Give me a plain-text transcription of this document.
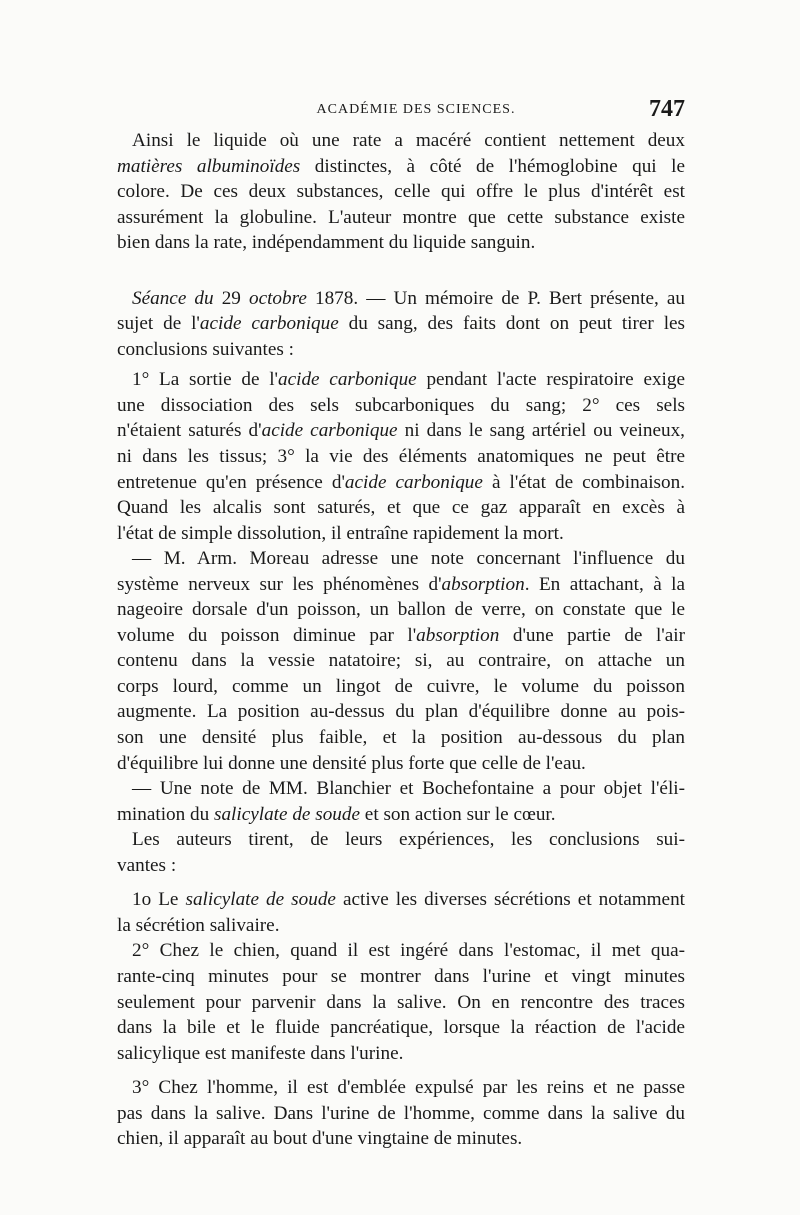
ACADÉMIE DES SCIENCES.	747
Ainsi le liquide où une rate a macéré contient nettement deux
matières albuminoïdes distinctes, à côté de l'hémoglobine qui le
colore. De ces deux substances, celle qui offre le plus d'intérêt est
assurément la globuline. L'auteur montre que cette substance existe
bien dans la rate, indépendamment du liquide sanguin.
Séance du 29 octobre 1878. — Un mémoire de P. Bert présente, au
sujet de l'acide carbonique du sang, des faits dont on peut tirer les
conclusions suivantes :
1° La sortie de l'acide carbonique pendant l'acte respiratoire exige
une dissociation des sels subcarboniques du sang; 2° ces sels
n'étaient saturés d'acide carbonique ni dans le sang artériel ou veineux,
ni dans les tissus; 3° la vie des éléments anatomiques ne peut être
entretenue qu'en présence d'acide carbonique à l'état de combinaison.
Quand les alcalis sont saturés, et que ce gaz apparaît en excès à
l'état de simple dissolution, il entraîne rapidement la mort.
— M. Arm. Moreau adresse une note concernant l'influence du
système nerveux sur les phénomènes d'absorption. En attachant, à la
nageoire dorsale d'un poisson, un ballon de verre, on constate que le
volume du poisson diminue par l'absorption d'une partie de l'air
contenu dans la vessie natatoire; si, au contraire, on attache un
corps lourd, comme un lingot de cuivre, le volume du poisson
augmente. La position au-dessus du plan d'équilibre donne au pois-
son une densité plus faible, et la position au-dessous du plan
d'équilibre lui donne une densité plus forte que celle de l'eau.
— Une note de MM. Blanchier et Bochefontaine a pour objet l'éli-
mination du salicylate de soude et son action sur le cœur.
Les auteurs tirent, de leurs expériences, les conclusions sui-
vantes :
1o Le salicylate de soude active les diverses sécrétions et notamment
la sécrétion salivaire.
2° Chez le chien, quand il est ingéré dans l'estomac, il met qua-
rante-cinq minutes pour se montrer dans l'urine et vingt minutes
seulement pour parvenir dans la salive. On en rencontre des traces
dans la bile et le fluide pancréatique, lorsque la réaction de l'acide
salicylique est manifeste dans l'urine.
3° Chez l'homme, il est d'emblée expulsé par les reins et ne passe
pas dans la salive. Dans l'urine de l'homme, comme dans la salive du
chien, il apparaît au bout d'une vingtaine de minutes.
